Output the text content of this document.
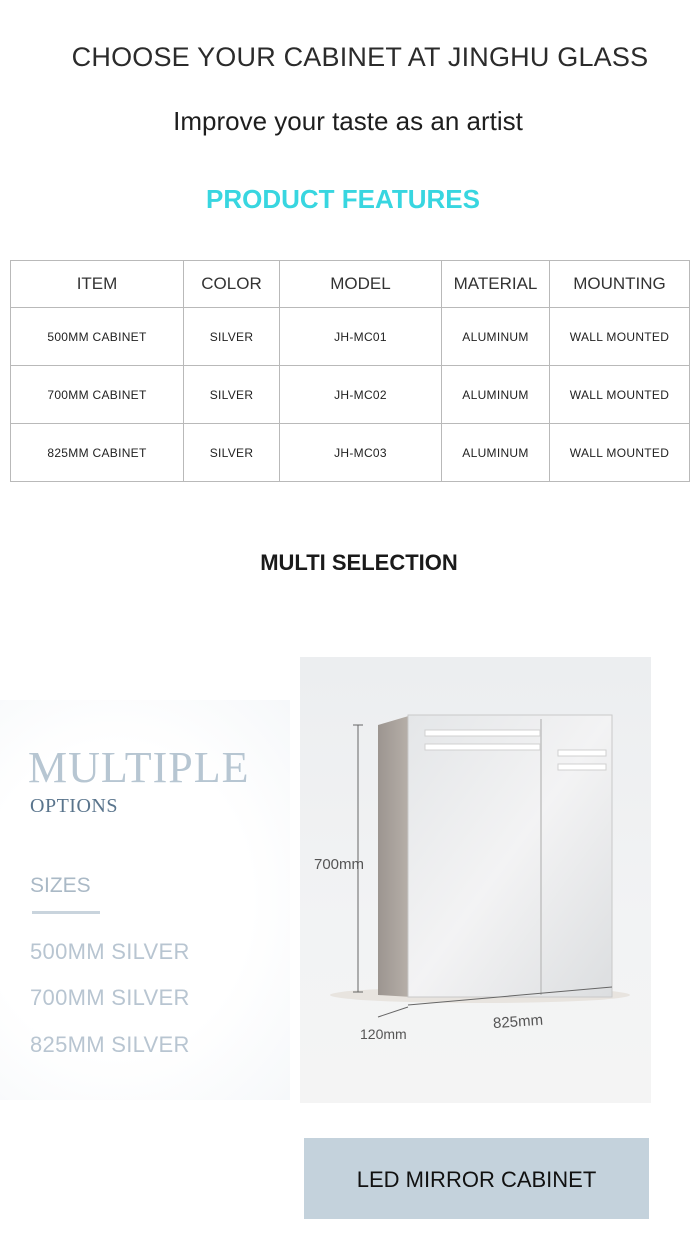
CHOOSE YOUR CABINET AT JINGHU GLASS
Improve your taste as an artist
PRODUCT FEATURES
ITEM	COLOR	MODEL	MATERIAL	MOUNTING
500MM CABINET	SILVER	JH-MC01	ALUMINUM	WALL MOUNTED
700MM CABINET	SILVER	JH-MC02	ALUMINUM	WALL MOUNTED
825MM CABINET	SILVER	JH-MC03	ALUMINUM	WALL MOUNTED
MULTI SELECTION
MULTIPLE
OPTIONS
SIZES
500MM SILVER
700MM SILVER
825MM SILVER
700mm
825mm
120mm
LED MIRROR CABINET
